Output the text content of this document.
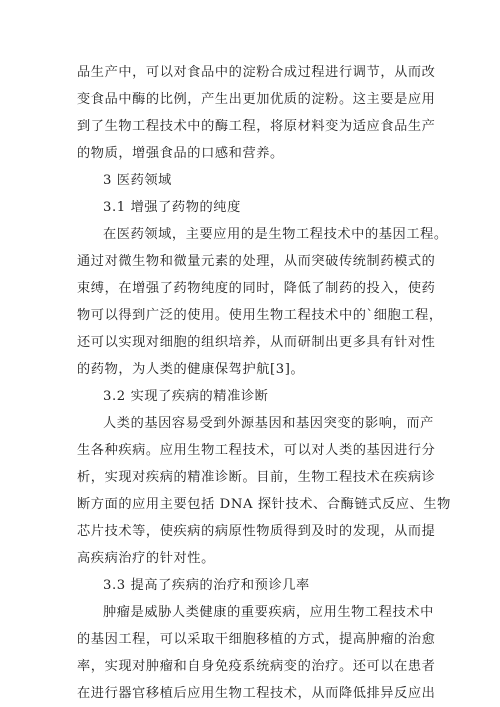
品生产中，可以对食品中的淀粉合成过程进行调节，从而改
变食品中酶的比例，产生出更加优质的淀粉。这主要是应用
到了生物工程技术中的酶工程，将原材料变为适应食品生产
的物质，增强食品的口感和营养。
3 医药领域
3.1 增强了药物的纯度
在医药领域，主要应用的是生物工程技术中的基因工程。
通过对微生物和微量元素的处理，从而突破传统制药模式的
束缚，在增强了药物纯度的同时，降低了制药的投入，使药
物可以得到广泛的使用。使用生物工程技术中的`细胞工程，
还可以实现对细胞的组织培养，从而研制出更多具有针对性
的药物，为人类的健康保驾护航[3]。
3.2 实现了疾病的精准诊断
人类的基因容易受到外源基因和基因突变的影响，而产
生各种疾病。应用生物工程技术，可以对人类的基因进行分
析，实现对疾病的精准诊断。目前，生物工程技术在疾病诊
断方面的应用主要包括 DNA 探针技术、合酶链式反应、生物
芯片技术等，使疾病的病原性物质得到及时的发现，从而提
高疾病治疗的针对性。
3.3 提高了疾病的治疗和预诊几率
肿瘤是威胁人类健康的重要疾病，应用生物工程技术中
的基因工程，可以采取干细胞移植的方式，提高肿瘤的治愈
率，实现对肿瘤和自身免疫系统病变的治疗。还可以在患者
在进行器官移植后应用生物工程技术，从而降低排异反应出
